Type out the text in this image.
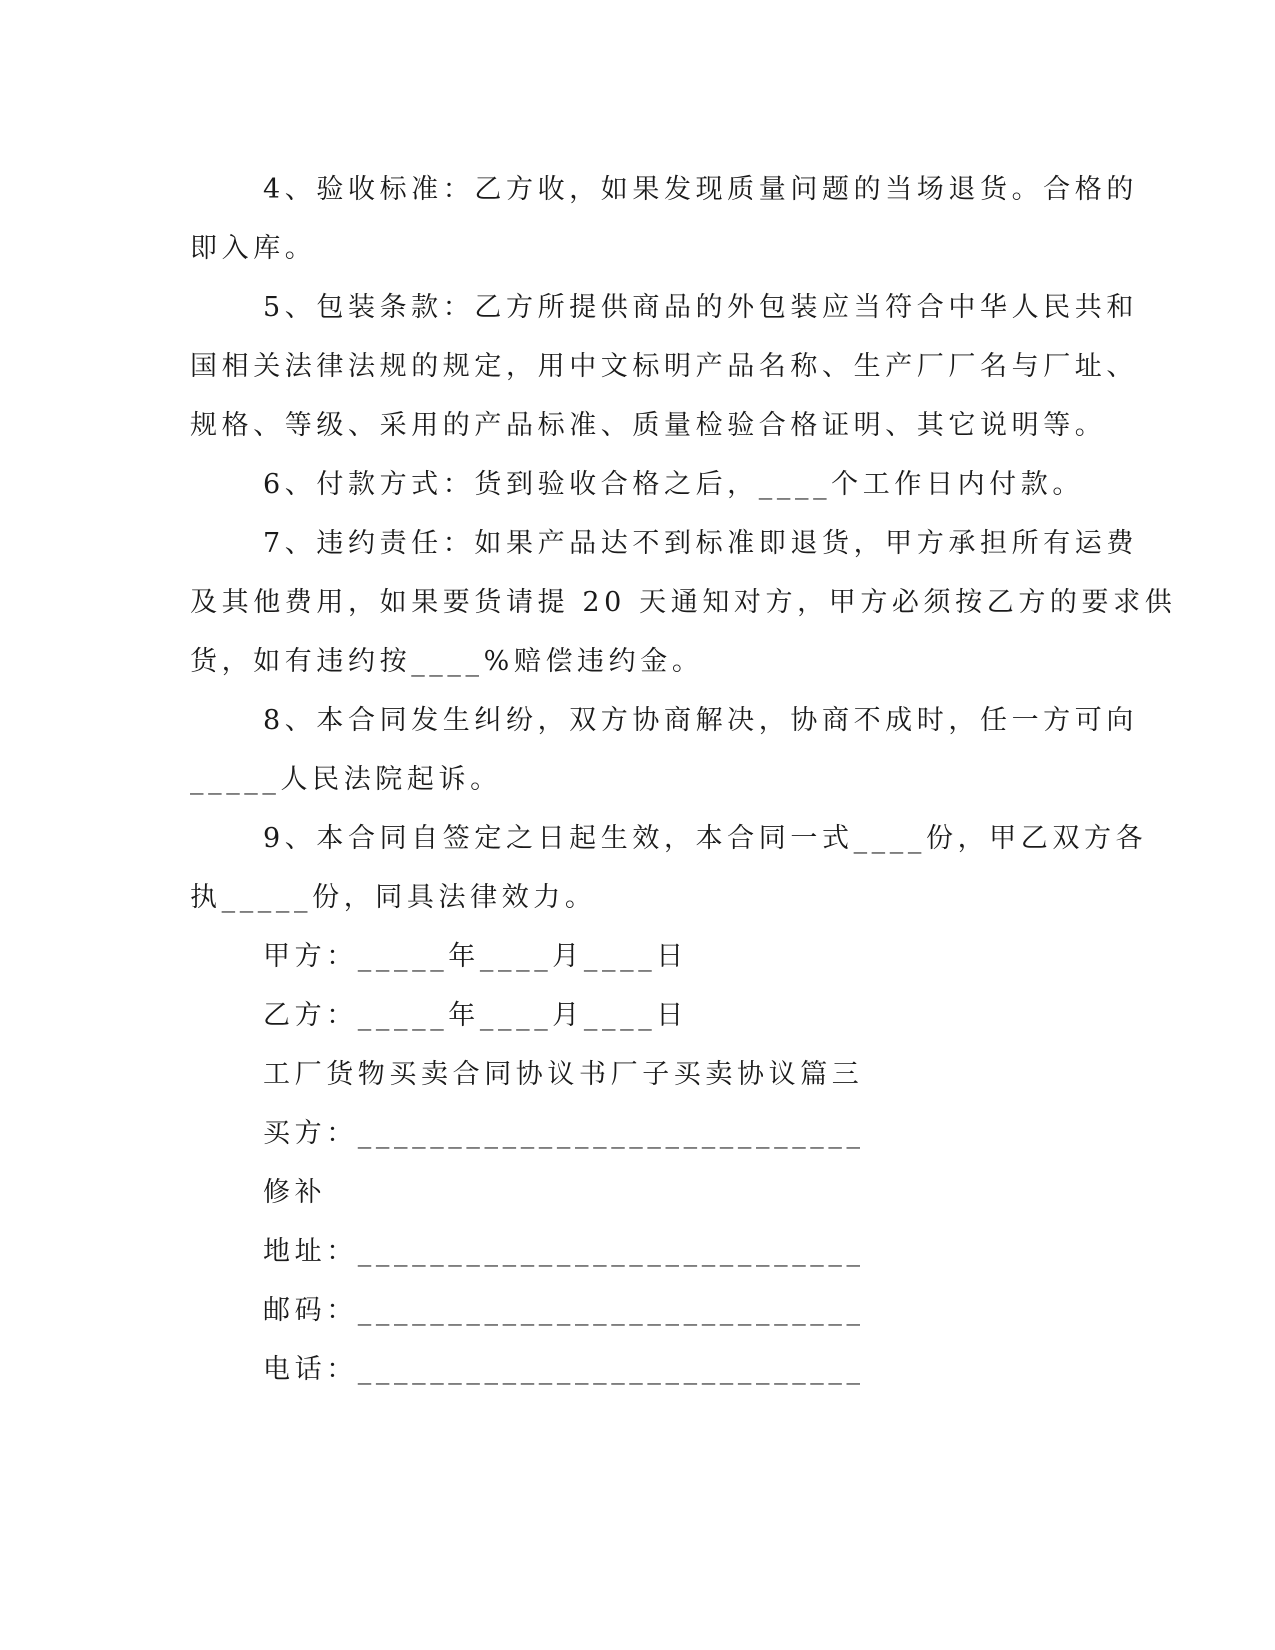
4、验收标准：乙方收，如果发现质量问题的当场退货。合格的
即入库。
5、包装条款：乙方所提供商品的外包装应当符合中华人民共和
国相关法律法规的规定，用中文标明产品名称、生产厂厂名与厂址、
规格、等级、采用的产品标准、质量检验合格证明、其它说明等。
6、付款方式：货到验收合格之后，____个工作日内付款。
7、违约责任：如果产品达不到标准即退货，甲方承担所有运费
及其他费用，如果要货请提 20 天通知对方，甲方必须按乙方的要求供
货，如有违约按____%赔偿违约金。
8、本合同发生纠纷，双方协商解决，协商不成时，任一方可向
_____人民法院起诉。
9、本合同自签定之日起生效，本合同一式____份，甲乙双方各
执_____份，同具法律效力。
甲方：_____年____月____日
乙方：_____年____月____日
工厂货物买卖合同协议书厂子买卖协议篇三
买方：____________________________
修补
地址：____________________________
邮码：____________________________
电话：____________________________
